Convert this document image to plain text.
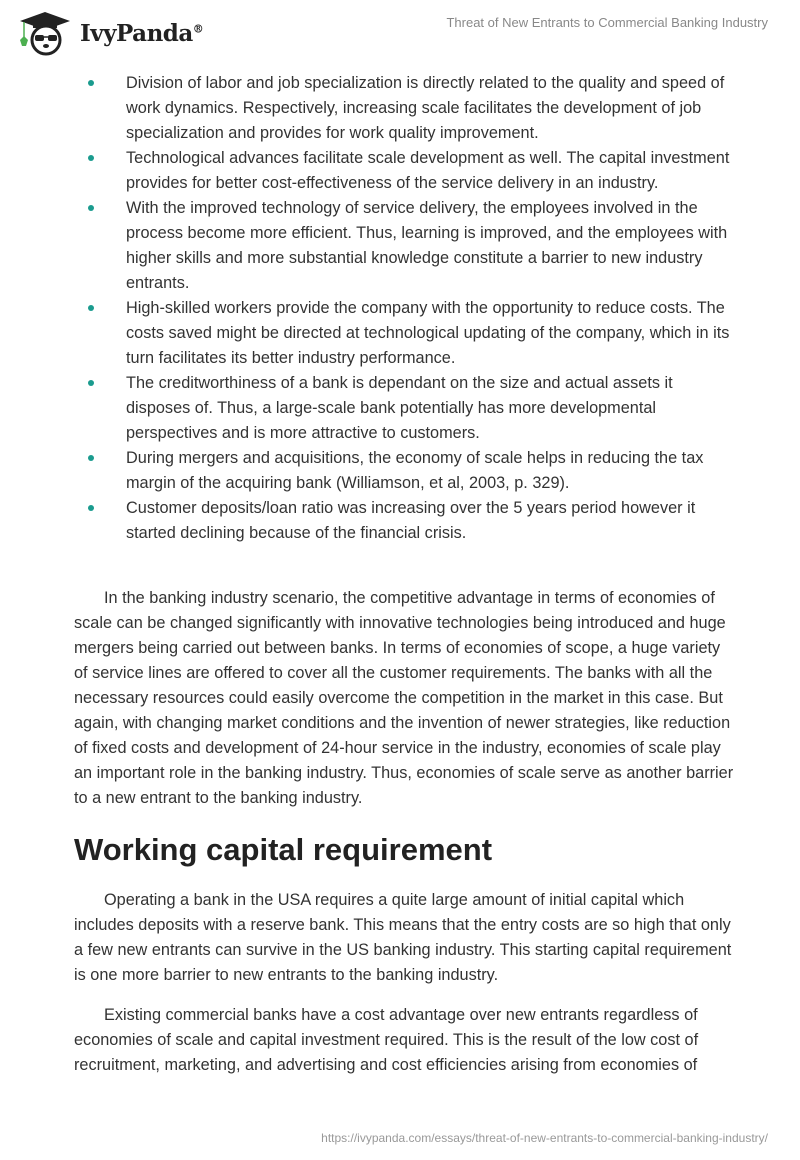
IvyPanda®	Threat of New Entrants to Commercial Banking Industry
Division of labor and job specialization is directly related to the quality and speed of work dynamics. Respectively, increasing scale facilitates the development of job specialization and provides for work quality improvement.
Technological advances facilitate scale development as well. The capital investment provides for better cost-effectiveness of the service delivery in an industry.
With the improved technology of service delivery, the employees involved in the process become more efficient. Thus, learning is improved, and the employees with higher skills and more substantial knowledge constitute a barrier to new industry entrants.
High-skilled workers provide the company with the opportunity to reduce costs. The costs saved might be directed at technological updating of the company, which in its turn facilitates its better industry performance.
The creditworthiness of a bank is dependant on the size and actual assets it disposes of. Thus, a large-scale bank potentially has more developmental perspectives and is more attractive to customers.
During mergers and acquisitions, the economy of scale helps in reducing the tax margin of the acquiring bank (Williamson, et al, 2003, p. 329).
Customer deposits/loan ratio was increasing over the 5 years period however it started declining because of the financial crisis.

In the banking industry scenario, the competitive advantage in terms of economies of scale can be changed significantly with innovative technologies being introduced and huge mergers being carried out between banks. In terms of economies of scope, a huge variety of service lines are offered to cover all the customer requirements. The banks with all the necessary resources could easily overcome the competition in the market in this case. But again, with changing market conditions and the invention of newer strategies, like reduction of fixed costs and development of 24-hour service in the industry, economies of scale play an important role in the banking industry. Thus, economies of scale serve as another barrier to a new entrant to the banking industry.

Working capital requirement

Operating a bank in the USA requires a quite large amount of initial capital which includes deposits with a reserve bank. This means that the entry costs are so high that only a few new entrants can survive in the US banking industry. This starting capital requirement is one more barrier to new entrants to the banking industry.

Existing commercial banks have a cost advantage over new entrants regardless of economies of scale and capital investment required. This is the result of the low cost of recruitment, marketing, and advertising and cost efficiencies arising from economies of

https://ivypanda.com/essays/threat-of-new-entrants-to-commercial-banking-industry/
